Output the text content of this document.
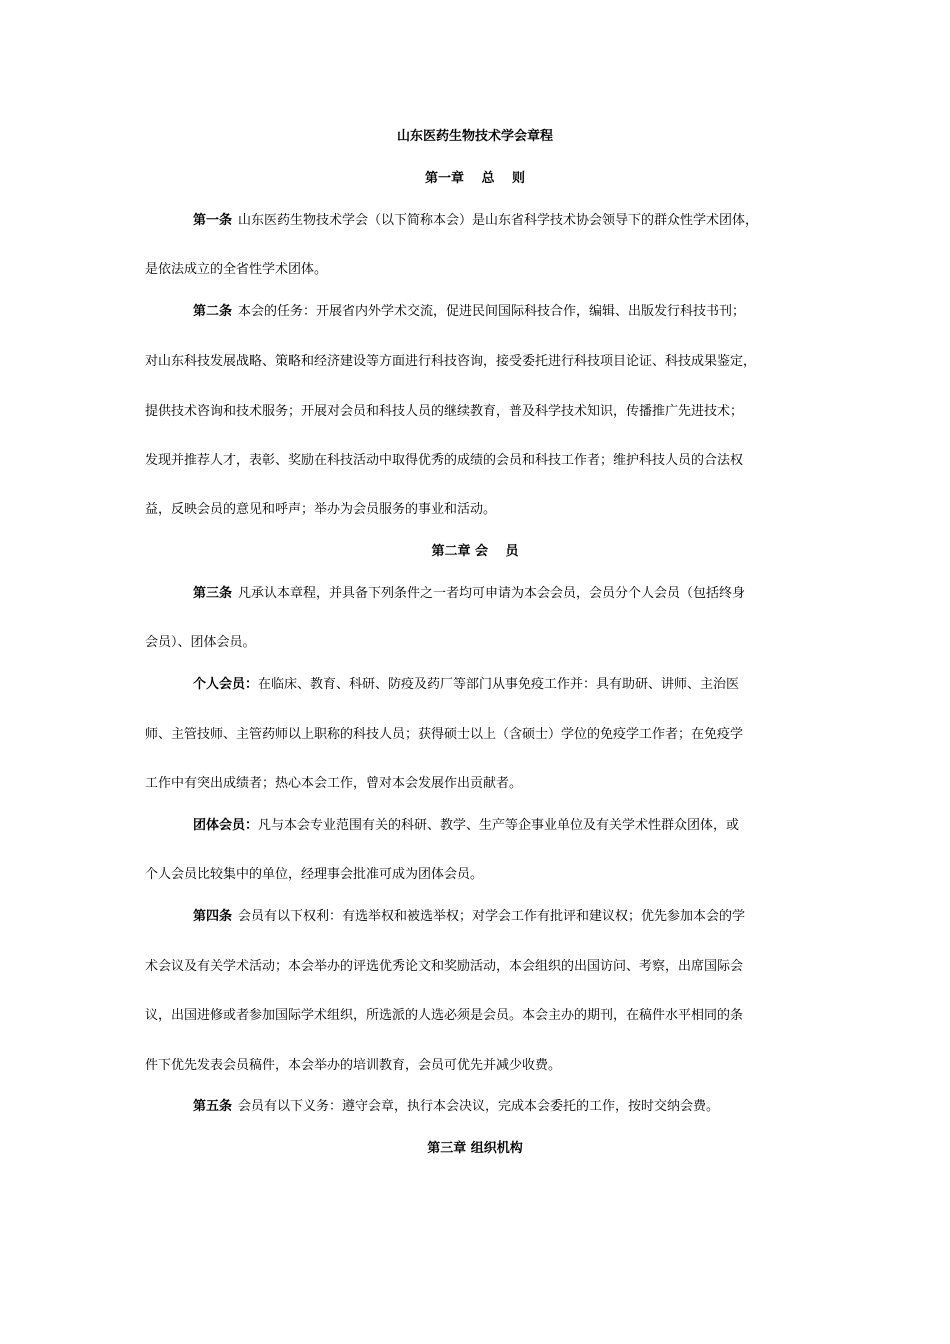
山东医药生物技术学会章程
第一章　 总　 则
第一条 山东医药生物技术学会（以下简称本会）是山东省科学技术协会领导下的群众性学术团体，
是依法成立的全省性学术团体。
第二条 本会的任务：开展省内外学术交流，促进民间国际科技合作，编辑、出版发行科技书刊；
对山东科技发展战略、策略和经济建设等方面进行科技咨询，接受委托进行科技项目论证、科技成果鉴定，
提供技术咨询和技术服务；开展对会员和科技人员的继续教育，普及科学技术知识，传播推广先进技术；
发现并推荐人才，表彰、奖励在科技活动中取得优秀的成绩的会员和科技工作者；维护科技人员的合法权
益，反映会员的意见和呼声；举办为会员服务的事业和活动。
第二章 会　 员
第三条 凡承认本章程，并具备下列条件之一者均可申请为本会会员，会员分个人会员（包括终身
会员）、团体会员。
个人会员：在临床、教育、科研、防疫及药厂等部门从事免疫工作并：具有助研、讲师、主治医
师、主管技师、主管药师以上职称的科技人员；获得硕士以上（含硕士）学位的免疫学工作者；在免疫学
工作中有突出成绩者；热心本会工作，曾对本会发展作出贡献者。
团体会员：凡与本会专业范围有关的科研、教学、生产等企事业单位及有关学术性群众团体，或
个人会员比较集中的单位，经理事会批准可成为团体会员。
第四条 会员有以下权利：有选举权和被选举权；对学会工作有批评和建议权；优先参加本会的学
术会议及有关学术活动；本会举办的评选优秀论文和奖励活动，本会组织的出国访问、考察，出席国际会
议，出国进修或者参加国际学术组织，所选派的人选必须是会员。本会主办的期刊，在稿件水平相同的条
件下优先发表会员稿件，本会举办的培训教育，会员可优先并减少收费。
第五条 会员有以下义务：遵守会章，执行本会决议，完成本会委托的工作，按时交纳会费。
第三章 组织机构
